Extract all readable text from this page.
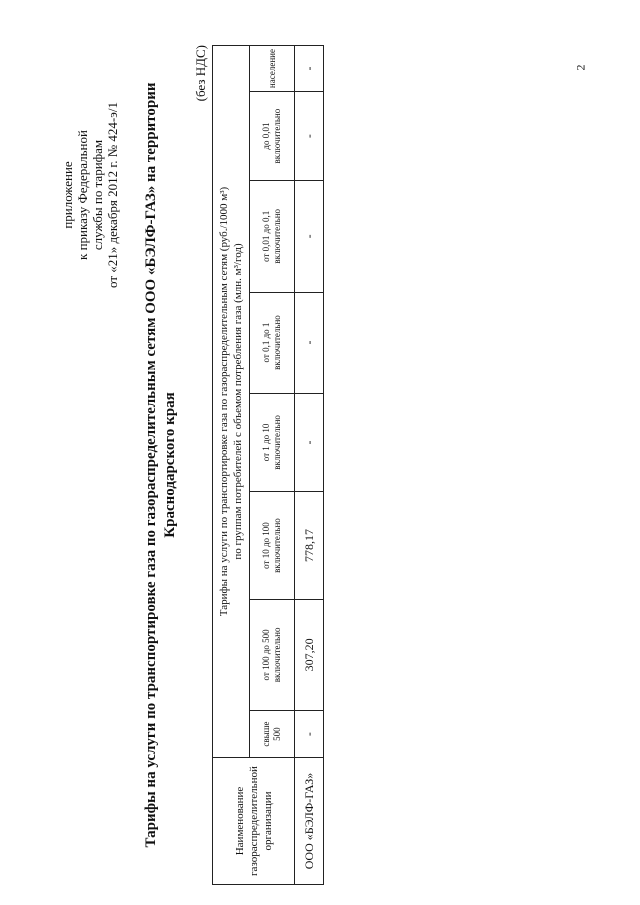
2
приложение к приказу Федеральной службы по тарифам от «21» декабря 2012 г. № 424-э/1 Тарифы на услуги по транспортировке газа по газораспределительным сетям ООО «БЭЛФ-ГАЗ» на территории Краснодарского края
(без НДС)
Наименование газораспределительной организации	Тарифы на услуги по транспортировке газа по газораспределительным сетям (руб./1000 м³) по группам потребителей с объемом потребления газа (млн. м³/год)							

	свыше 500	от 100 до 500 включительно	от 10 до 100 включительно	от 1 до 10 включительно	от 0,1 до 1 включительно	от 0,01 до 0,1 включительно	до 0,01 включительно	население
ООО «БЭЛФ-ГАЗ»	-	307,20	778,17	-	-	-	-	-
